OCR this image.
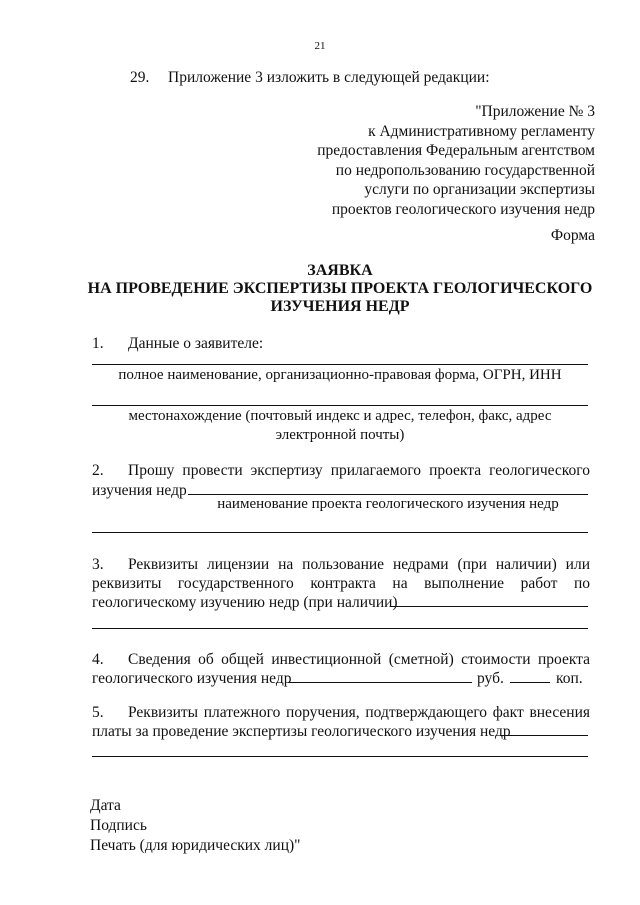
21
29. Приложение 3 изложить в следующей редакции:
"Приложение № 3
к Административному регламенту
предоставления Федеральным агентством
по недропользованию государственной
услуги по организации экспертизы
проектов геологического изучения недр
Форма
ЗАЯВКА
НА ПРОВЕДЕНИЕ ЭКСПЕРТИЗЫ ПРОЕКТА ГЕОЛОГИЧЕСКОГО
ИЗУЧЕНИЯ НЕДР
1. Данные о заявителе:
полное наименование, организационно-правовая форма, ОГРН, ИНН
местонахождение (почтовый индекс и адрес, телефон, факс, адрес
электронной почты)
2. Прошу провести экспертизу прилагаемого проекта геологического
изучения недр
наименование проекта геологического изучения недр
3. Реквизиты лицензии на пользование недрами (при наличии) или
реквизиты государственного контракта на выполнение работ по
геологическому изучению недр (при наличии)
4. Сведения об общей инвестиционной (сметной) стоимости проекта
геологического изучения недр	руб.	коп.
5. Реквизиты платежного поручения, подтверждающего факт внесения
платы за проведение экспертизы геологического изучения недр
Дата
Подпись
Печать (для юридических лиц)"
